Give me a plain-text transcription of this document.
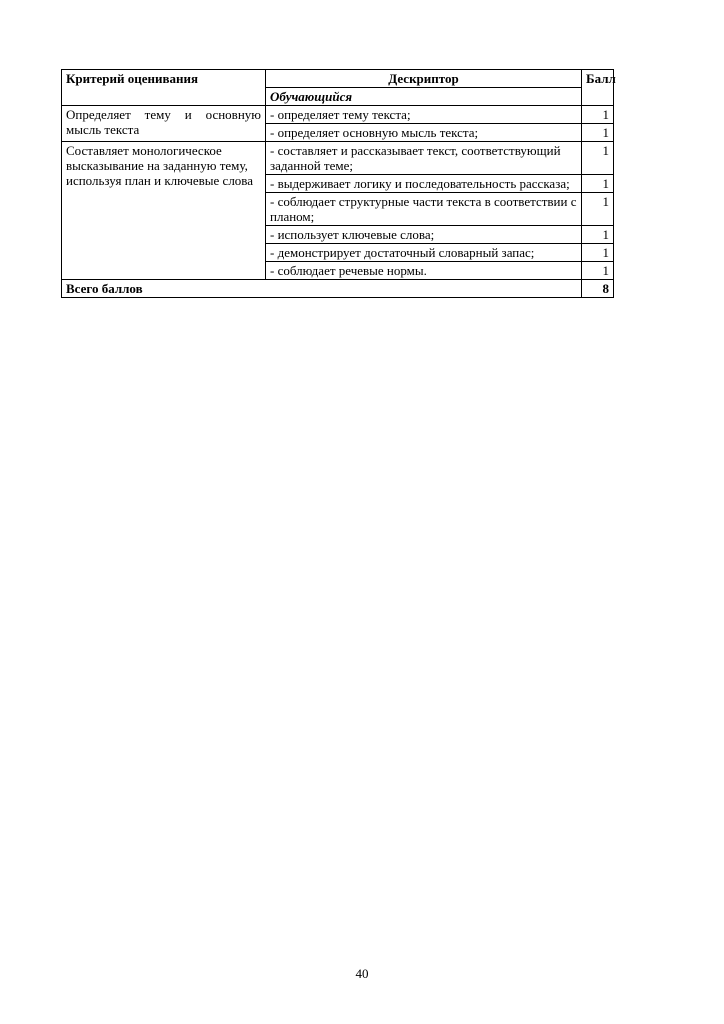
Критерий оценивания	Дескриптор	Балл
	Обучающийся	
Определяет тему и основную мысль текста	- определяет тему текста;	1
	- определяет основную мысль текста;	1
Составляет монологическое высказывание на заданную тему, используя план и ключевые слова	- составляет и рассказывает текст, соответствующий заданной теме;	1
	- выдерживает логику и последовательность рассказа;	1
	- соблюдает структурные части текста в соответствии с планом;	1
	- использует ключевые слова;	1
	- демонстрирует достаточный словарный запас;	1
	- соблюдает речевые нормы.	1
Всего баллов		8
40
